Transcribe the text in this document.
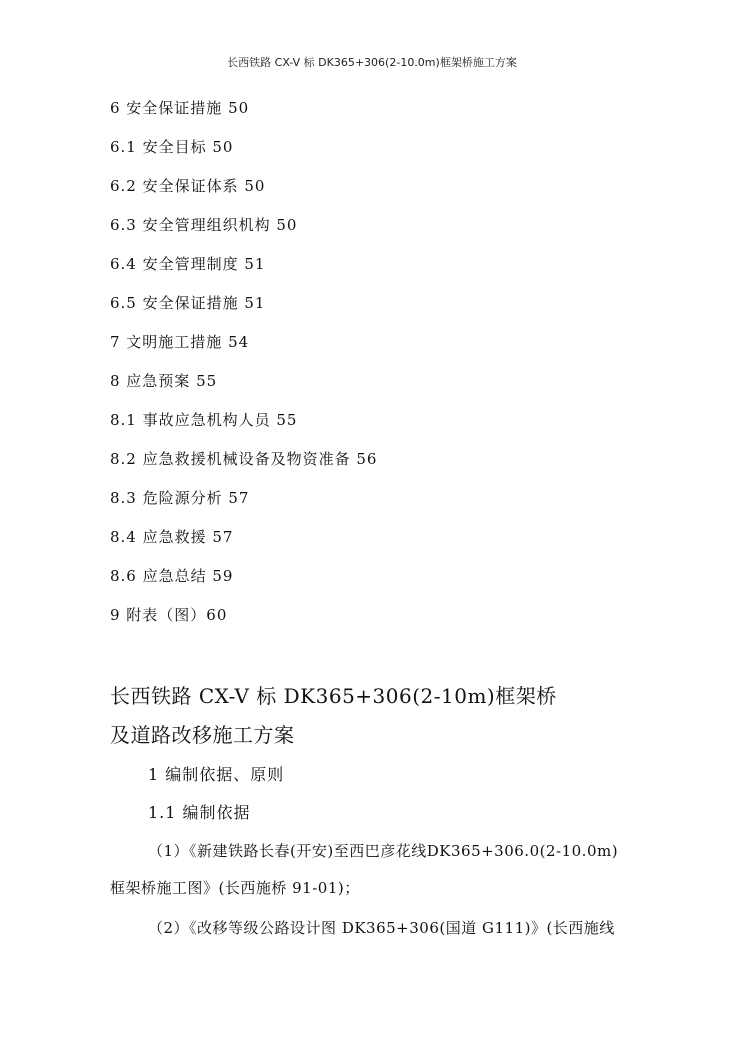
长西铁路 CX-V 标 DK365+306(2-10.0m)框架桥施工方案
6 安全保证措施 50
6.1 安全目标 50
6.2 安全保证体系 50
6.3 安全管理组织机构 50
6.4 安全管理制度 51
6.5 安全保证措施 51
7 文明施工措施 54
8 应急预案 55
8.1 事故应急机构人员 55
8.2 应急救援机械设备及物资准备 56
8.3 危险源分析 57
8.4 应急救援 57
8.6 应急总结 59
9 附表（图）60
长西铁路 CX-V 标 DK365+306(2-10m)框架桥
及道路改移施工方案
1 编制依据、原则
1.1 编制依据
（1）《新建铁路长春(开安)至西巴彦花线DK365+306.0(2-10.0m)
框架桥施工图》(长西施桥 91-01)；
（2）《改移等级公路设计图 DK365+306(国道 G111)》(长西施线
